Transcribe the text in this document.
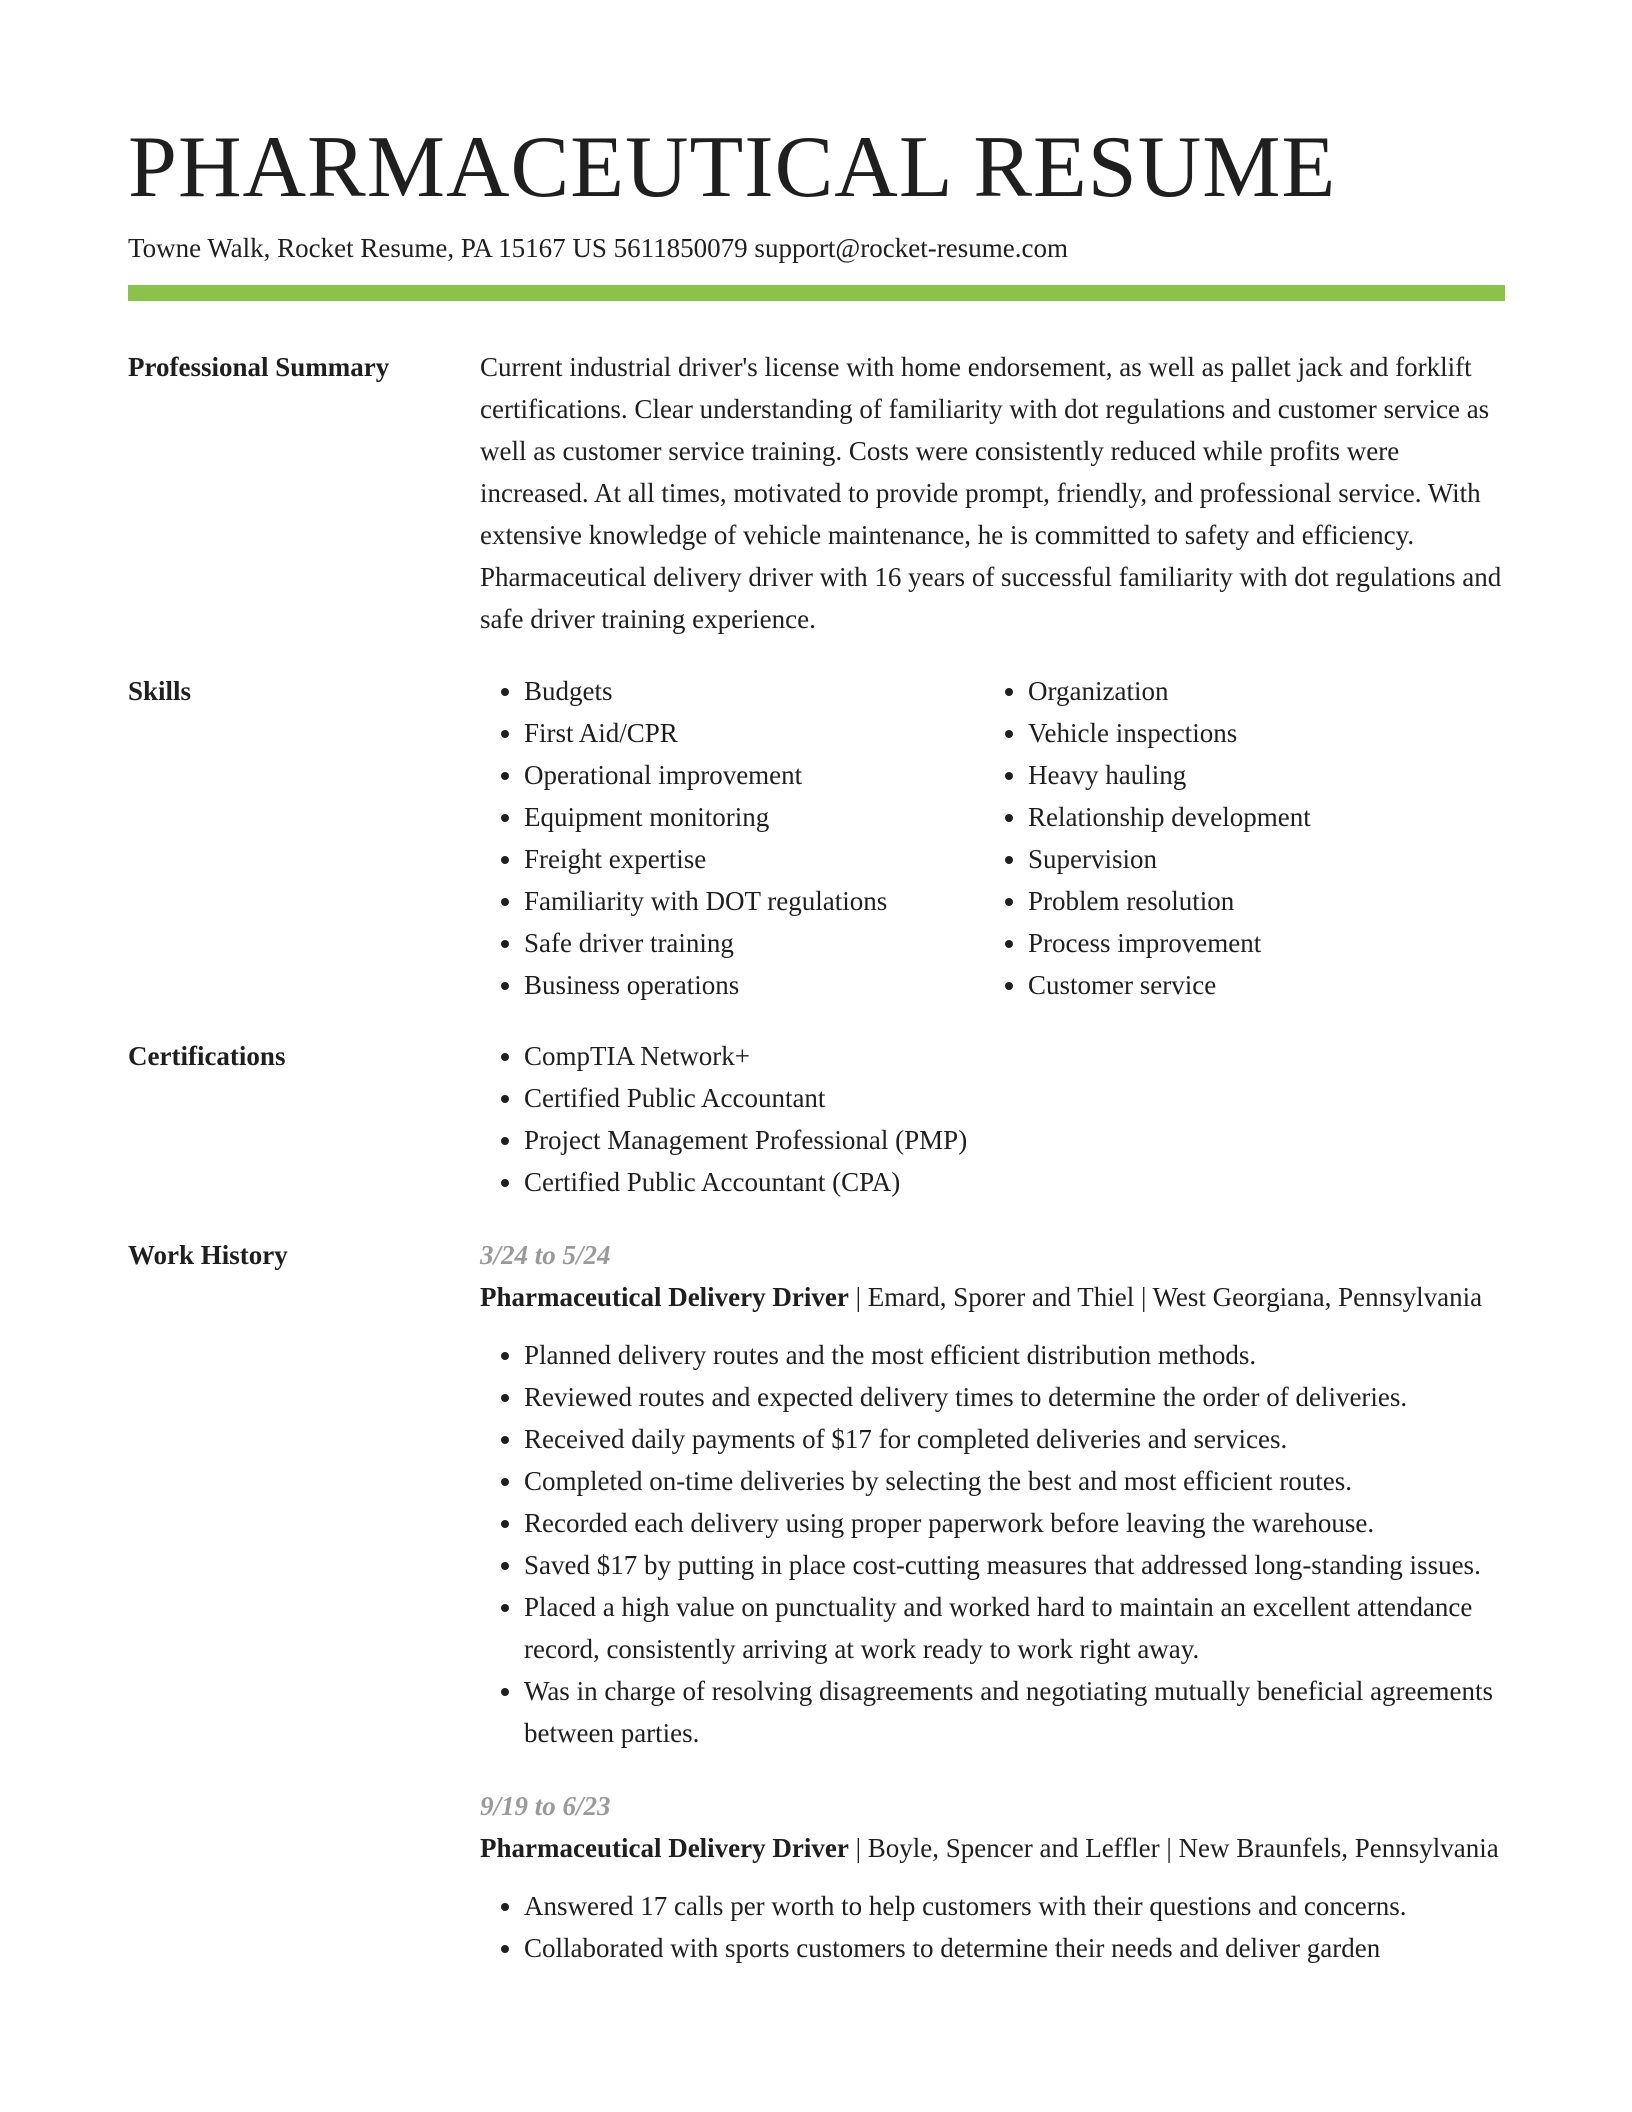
PHARMACEUTICAL RESUME
Towne Walk, Rocket Resume, PA 15167 US 5611850079 support@rocket-resume.com
Professional Summary	Current industrial driver's license with home endorsement, as well as pallet jack and forklift certifications. Clear understanding of familiarity with dot regulations and customer service as well as customer service training. Costs were consistently reduced while profits were increased. At all times, motivated to provide prompt, friendly, and professional service. With extensive knowledge of vehicle maintenance, he is committed to safety and efficiency. Pharmaceutical delivery driver with 16 years of successful familiarity with dot regulations and safe driver training experience.

Skills	• Budgets
• First Aid/CPR
• Operational improvement
• Equipment monitoring
• Freight expertise
• Familiarity with DOT regulations
• Safe driver training
• Business operations
• Organization
• Vehicle inspections
• Heavy hauling
• Relationship development
• Supervision
• Problem resolution
• Process improvement
• Customer service
Certifications	• CompTIA Network+
• Certified Public Accountant
• Project Management Professional (PMP)
• Certified Public Accountant (CPA)
Work History	3/24 to 5/24
Pharmaceutical Delivery Driver | Emard, Sporer and Thiel | West Georgiana, Pennsylvania
• Planned delivery routes and the most efficient distribution methods.
• Reviewed routes and expected delivery times to determine the order of deliveries.
• Received daily payments of $17 for completed deliveries and services.
• Completed on-time deliveries by selecting the best and most efficient routes.
• Recorded each delivery using proper paperwork before leaving the warehouse.
• Saved $17 by putting in place cost-cutting measures that addressed long-standing issues.
• Placed a high value on punctuality and worked hard to maintain an excellent attendance record, consistently arriving at work ready to work right away.
• Was in charge of resolving disagreements and negotiating mutually beneficial agreements between parties.
9/19 to 6/23
Pharmaceutical Delivery Driver | Boyle, Spencer and Leffler | New Braunfels, Pennsylvania
• Answered 17 calls per worth to help customers with their questions and concerns.
• Collaborated with sports customers to determine their needs and deliver garden
